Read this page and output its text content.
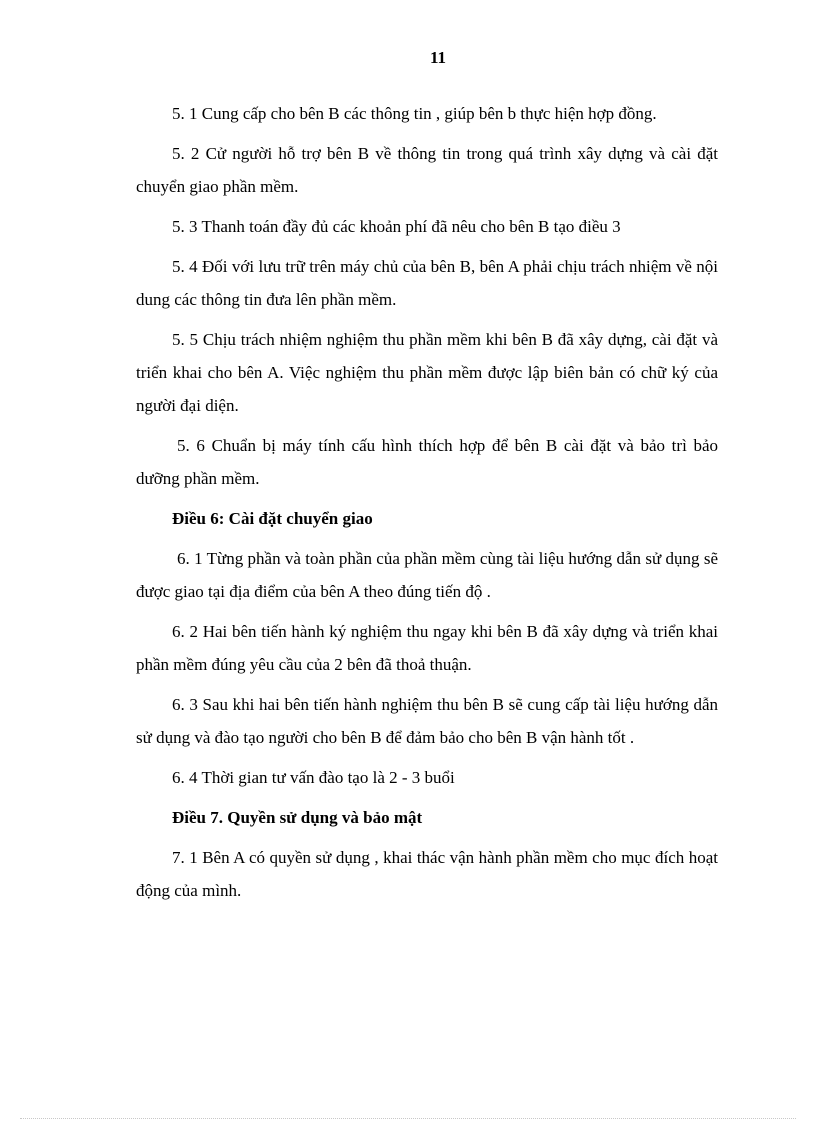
11

5. 1 Cung cấp cho bên B các thông tin , giúp bên b thực hiện hợp đồng.

5. 2 Cử người hỗ trợ bên B về thông tin trong quá trình xây dựng và cài đặt chuyển giao phần mềm.

5. 3 Thanh toán đầy đủ các khoản phí đã nêu cho bên B tạo điều 3

5. 4 Đối với lưu trữ trên máy chủ của bên B, bên A phải chịu trách nhiệm về nội dung các thông tin đưa lên phần mềm.

5. 5 Chịu trách nhiệm nghiệm thu phần mềm khi bên B đã xây dựng, cài đặt và triển khai cho bên A. Việc nghiệm thu phần mềm được lập biên bản có chữ ký của người đại diện.

5. 6 Chuẩn bị máy tính cấu hình thích hợp để bên B cài đặt và bảo trì bảo dưỡng phần mềm.

Điều 6: Cài đặt chuyển giao

6. 1 Từng phần và toàn phần của phần mềm cùng tài liệu hướng dẫn sử dụng sẽ được giao tại địa điểm của bên A theo đúng tiến độ .

6. 2 Hai bên tiến hành ký nghiệm thu ngay khi bên B đã xây dựng và triển khai phần mềm đúng yêu cầu của 2 bên đã thoả thuận.

6. 3 Sau khi hai bên tiến hành nghiệm thu bên B sẽ cung cấp tài liệu hướng dẫn sử dụng và đào tạo người cho bên B để đảm bảo cho bên B vận hành tốt .

6. 4 Thời gian tư vấn đào tạo là 2 - 3 buổi

Điều 7. Quyền sử dụng và bảo mật

7. 1 Bên A có quyền sử dụng , khai thác vận hành phần mềm cho mục đích hoạt động của mình.
